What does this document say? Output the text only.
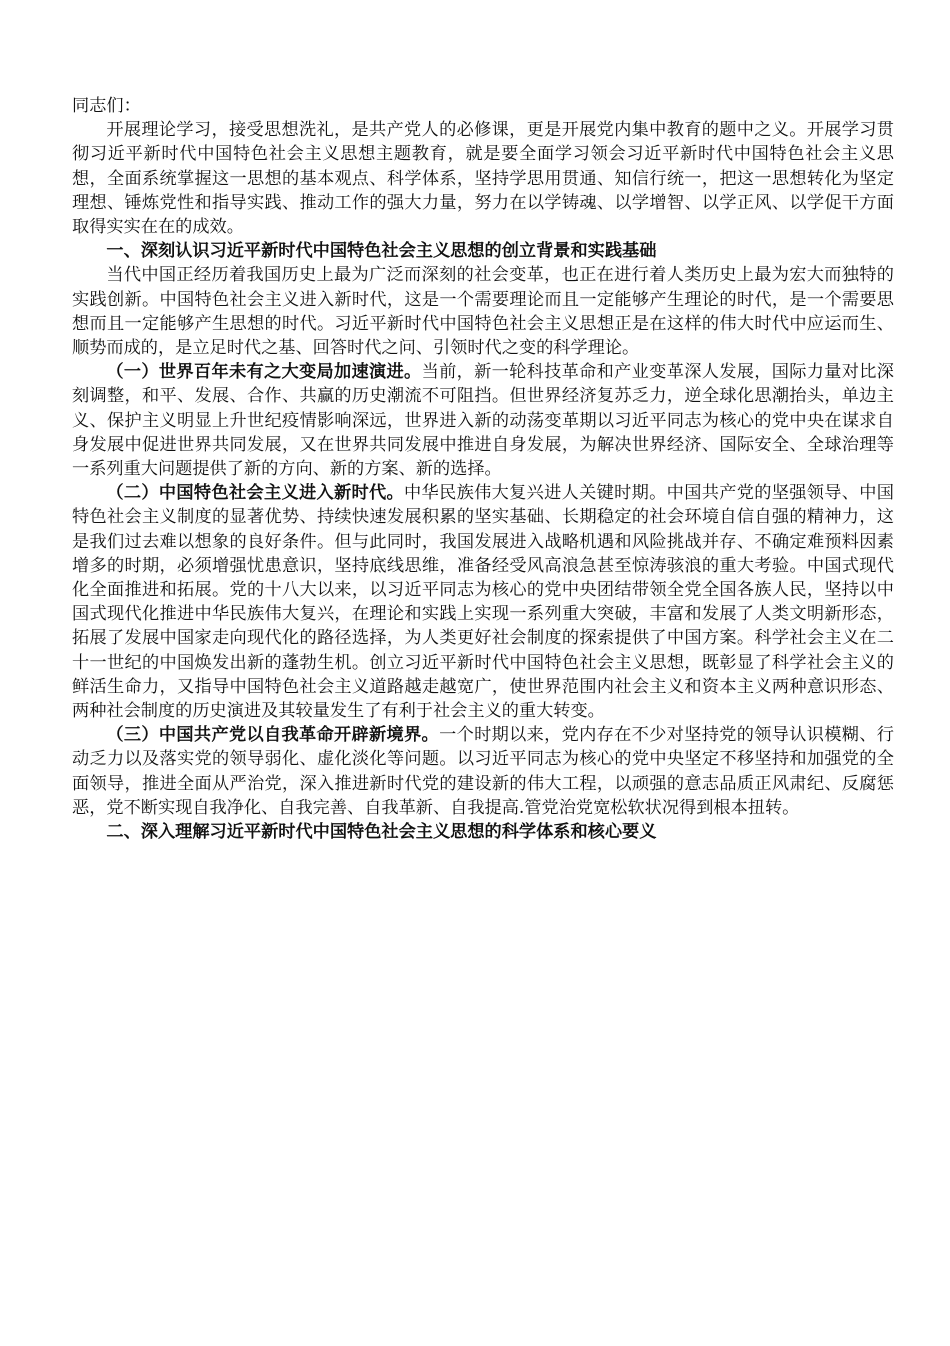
同志们：

开展理论学习，接受思想洗礼，是共产党人的必修课，更是开展党内集中教育的题中之义。开展学习贯彻习近平新时代中国特色社会主义思想主题教育，就是要全面学习领会习近平新时代中国特色社会主义思想，全面系统掌握这一思想的基本观点、科学体系，坚持学思用贯通、知信行统一，把这一思想转化为坚定理想、锤炼党性和指导实践、推动工作的强大力量，努力在以学铸魂、以学增智、以学正风、以学促干方面取得实实在在的成效。

一、深刻认识习近平新时代中国特色社会主义思想的创立背景和实践基础

当代中国正经历着我国历史上最为广泛而深刻的社会变革，也正在进行着人类历史上最为宏大而独特的实践创新。中国特色社会主义进入新时代，这是一个需要理论而且一定能够产生理论的时代，是一个需要思想而且一定能够产生思想的时代。习近平新时代中国特色社会主义思想正是在这样的伟大时代中应运而生、顺势而成的，是立足时代之基、回答时代之问、引领时代之变的科学理论。

（一）世界百年未有之大变局加速演进。当前，新一轮科技革命和产业变革深人发展，国际力量对比深刻调整，和平、发展、合作、共赢的历史潮流不可阻挡。但世界经济复苏乏力，逆全球化思潮抬头，单边主义、保护主义明显上升世纪疫情影响深远，世界进入新的动荡变革期以习近平同志为核心的党中央在谋求自身发展中促进世界共同发展，又在世界共同发展中推进自身发展，为解决世界经济、国际安全、全球治理等一系列重大问题提供了新的方向、新的方案、新的选择。

（二）中国特色社会主义进入新时代。中华民族伟大复兴进人关键时期。中国共产党的坚强领导、中国特色社会主义制度的显著优势、持续快速发展积累的坚实基础、长期稳定的社会环境自信自强的精神力，这是我们过去难以想象的良好条件。但与此同时，我国发展进入战略机遇和风险挑战并存、不确定难预料因素增多的时期，必须增强忧患意识，坚持底线思维，准备经受风高浪急甚至惊涛骇浪的重大考验。中国式现代化全面推进和拓展。党的十八大以来，以习近平同志为核心的党中央团结带领全党全国各族人民，坚持以中国式现代化推进中华民族伟大复兴，在理论和实践上实现一系列重大突破，丰富和发展了人类文明新形态，拓展了发展中国家走向现代化的路径选择，为人类更好社会制度的探索提供了中国方案。科学社会主义在二十一世纪的中国焕发出新的蓬勃生机。创立习近平新时代中国特色社会主义思想，既彰显了科学社会主义的鲜活生命力，又指导中国特色社会主义道路越走越宽广，使世界范围内社会主义和资本主义两种意识形态、两种社会制度的历史演进及其较量发生了有利于社会主义的重大转变。

（三）中国共产党以自我革命开辟新境界。一个时期以来，党内存在不少对坚持党的领导认识模糊、行动乏力以及落实党的领导弱化、虚化淡化等问题。以习近平同志为核心的党中央坚定不移坚持和加强党的全面领导，推进全面从严治党，深入推进新时代党的建设新的伟大工程，以顽强的意志品质正风肃纪、反腐惩恶，党不断实现自我净化、自我完善、自我革新、自我提高.管党治党宽松软状况得到根本扭转。

二、深入理解习近平新时代中国特色社会主义思想的科学体系和核心要义
